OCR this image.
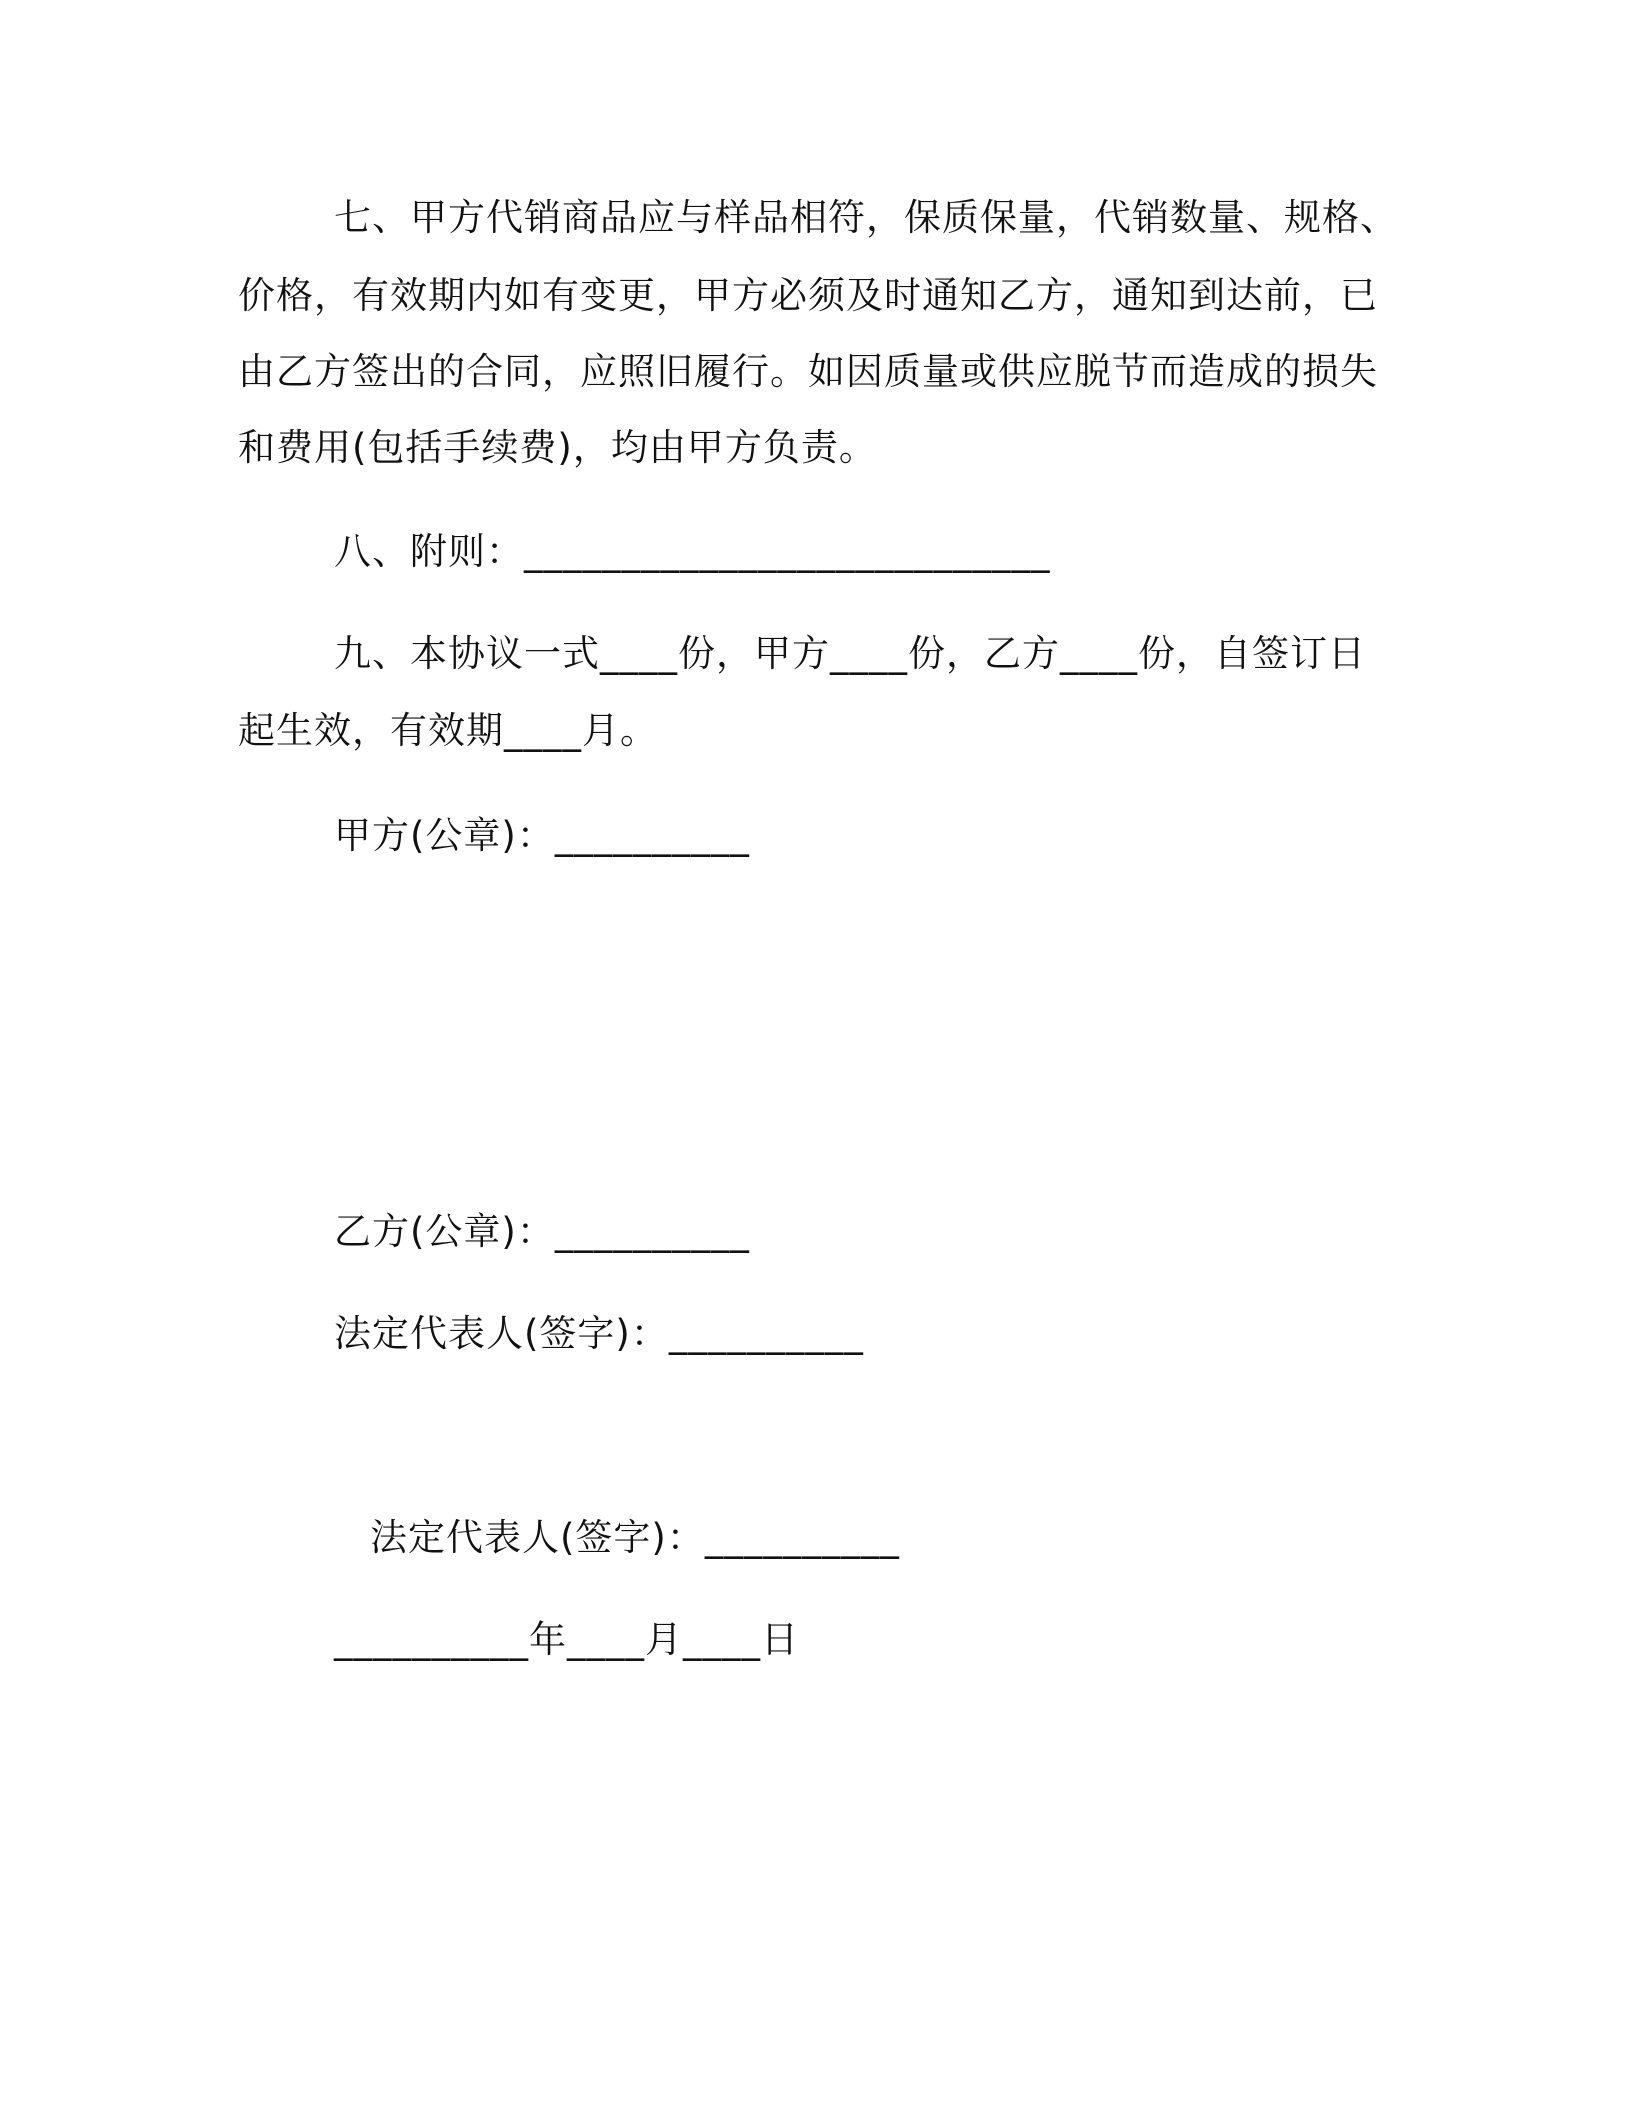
七、甲方代销商品应与样品相符，保质保量，代销数量、规格、
价格，有效期内如有变更，甲方必须及时通知乙方，通知到达前，已
由乙方签出的合同，应照旧履行。如因质量或供应脱节而造成的损失
和费用(包括手续费)，均由甲方负责。
八、附则：___________________________
九、本协议一式____份，甲方____份，乙方____份，自签订日
起生效，有效期____月。
甲方(公章)：__________
乙方(公章)：__________
法定代表人(签字)：__________
法定代表人(签字)：__________
__________年____月____日
